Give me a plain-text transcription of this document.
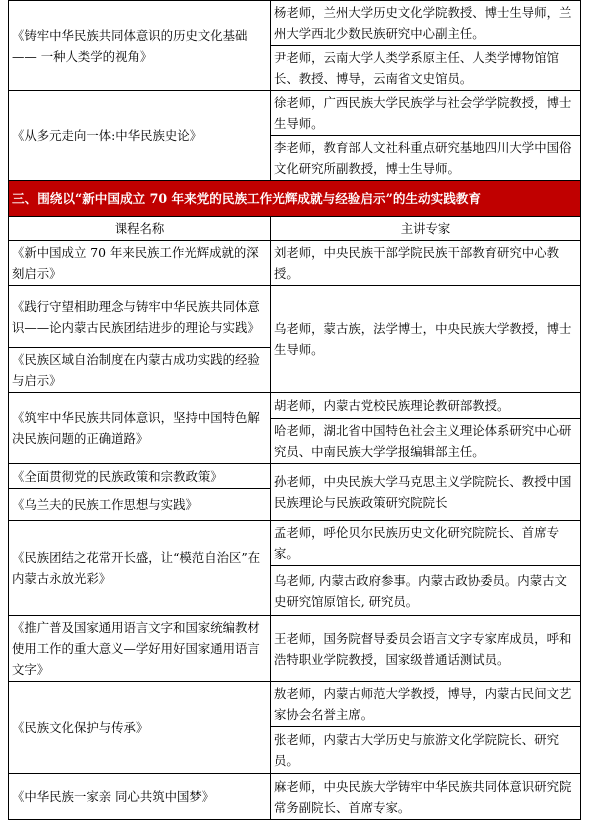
《铸牢中华民族共同体意识的历史文化基础—— 一种人类学的视角》	杨老师，兰州大学历史文化学院教授、博士生导师，兰州大学西北少数民族研究中心副主任。
	尹老师，云南大学人类学系原主任、人类学博物馆馆长、教授、博导，云南省文史馆员。
《从多元走向一体:中华民族史论》	徐老师，广西民族大学民族学与社会学学院教授，博士生导师。
	李老师，教育部人文社科重点研究基地四川大学中国俗文化研究所副教授，博士生导师。
三、围绕以“新中国成立 70 年来党的民族工作光辉成就与经验启示”的生动实践教育	
课程名称	主讲专家
《新中国成立 70 年来民族工作光辉成就的深刻启示》	刘老师，中央民族干部学院民族干部教育研究中心教授。
《践行守望相助理念与铸牢中华民族共同体意识——论内蒙古民族团结进步的理论与实践》	乌老师，蒙古族，法学博士，中央民族大学教授，博士生导师。
《民族区域自治制度在内蒙古成功实践的经验与启示》	
《筑牢中华民族共同体意识，坚持中国特色解决民族问题的正确道路》	胡老师，内蒙古党校民族理论教研部教授。
	哈老师，湖北省中国特色社会主义理论体系研究中心研究员、中南民族大学学报编辑部主任。
《全面贯彻党的民族政策和宗教政策》	孙老师，中央民族大学马克思主义学院院长、教授中国民族理论与民族政策研究院院长
《乌兰夫的民族工作思想与实践》	
《民族团结之花常开长盛，让“模范自治区”在内蒙古永放光彩》	孟老师，呼伦贝尔民族历史文化研究院院长、首席专家。
	乌老师, 内蒙古政府参事。内蒙古政协委员。内蒙古文史研究馆原馆长, 研究员。
《推广普及国家通用语言文字和国家统编教材使用工作的重大意义—学好用好国家通用语言文字》	王老师，国务院督导委员会语言文字专家库成员，呼和浩特职业学院教授，国家级普通话测试员。
《民族文化保护与传承》	敖老师，内蒙古师范大学教授，博导，内蒙古民间文艺家协会名誉主席。
	张老师，内蒙古大学历史与旅游文化学院院长、研究员。
《中华民族一家亲 同心共筑中国梦》	麻老师，中央民族大学铸牢中华民族共同体意识研究院常务副院长、首席专家。
